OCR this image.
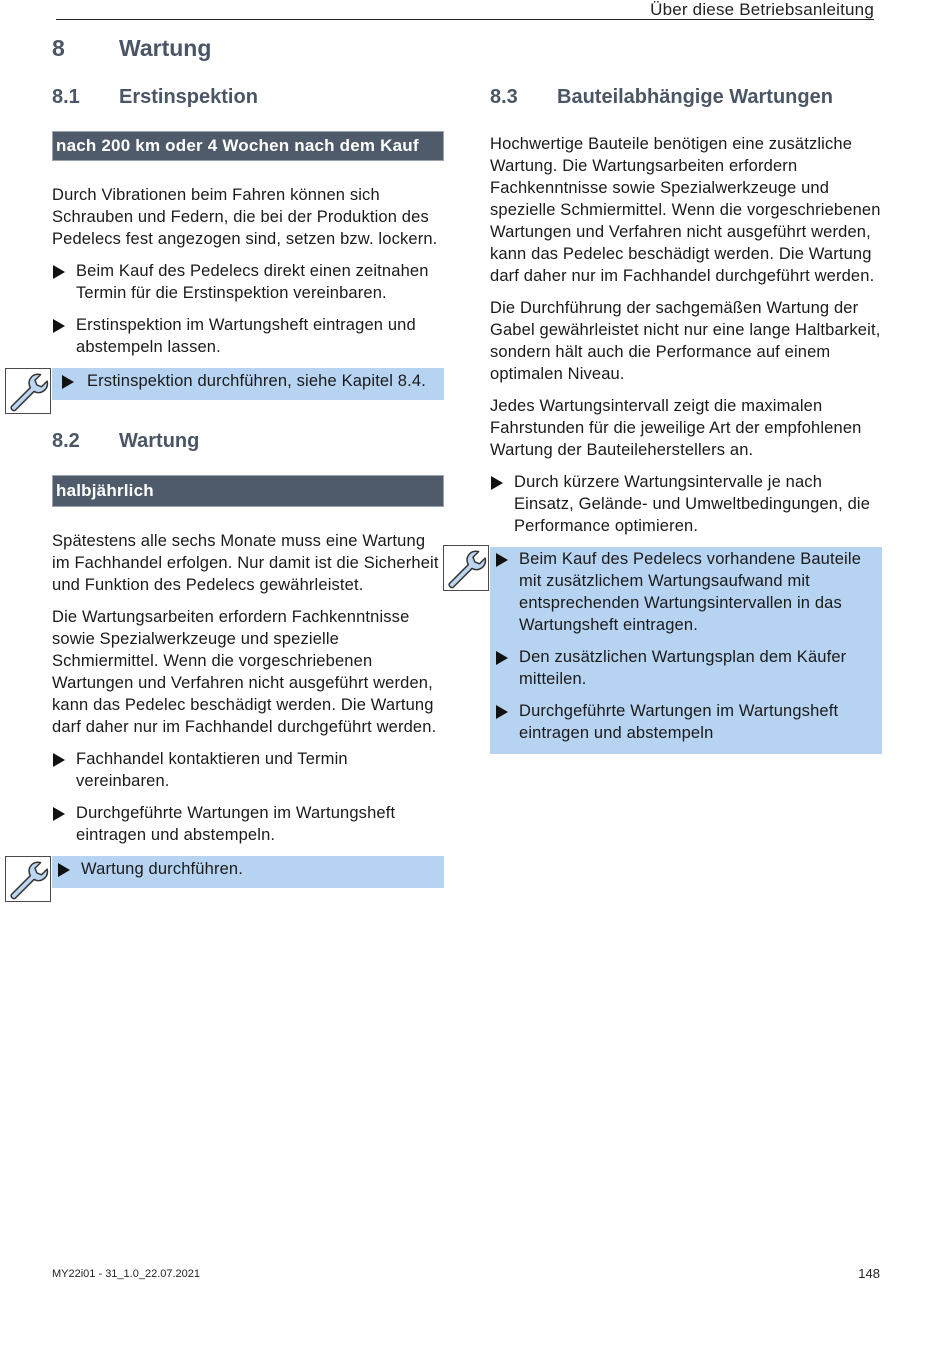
Über diese Betriebsanleitung
8 Wartung
8.1 Erstinspektion
nach 200 km oder 4 Wochen nach dem Kauf

Durch Vibrationen beim Fahren können sich Schrauben und Federn, die bei der Produktion des Pedelecs fest angezogen sind, setzen bzw. lockern.

Beim Kauf des Pedelecs direkt einen zeitnahen Termin für die Erstinspektion vereinbaren.
Erstinspektion im Wartungsheft eintragen und abstempeln lassen.
Erstinspektion durchführen, siehe Kapitel 8.4.
8.2 Wartung
halbjährlich

Spätestens alle sechs Monate muss eine Wartung im Fachhandel erfolgen. Nur damit ist die Sicherheit und Funktion des Pedelecs gewährleistet.

Die Wartungsarbeiten erfordern Fachkenntnisse sowie Spezialwerkzeuge und spezielle Schmiermittel. Wenn die vorgeschriebenen Wartungen und Verfahren nicht ausgeführt werden, kann das Pedelec beschädigt werden. Die Wartung darf daher nur im Fachhandel durchgeführt werden.

Fachhandel kontaktieren und Termin vereinbaren.
Durchgeführte Wartungen im Wartungsheft eintragen und abstempeln.
Wartung durchführen.
8.3 Bauteilabhängige Wartungen

Hochwertige Bauteile benötigen eine zusätzliche Wartung. Die Wartungsarbeiten erfordern Fachkenntnisse sowie Spezialwerkzeuge und spezielle Schmiermittel. Wenn die vorgeschriebenen Wartungen und Verfahren nicht ausgeführt werden, kann das Pedelec beschädigt werden. Die Wartung darf daher nur im Fachhandel durchgeführt werden.

Die Durchführung der sachgemäßen Wartung der Gabel gewährleistet nicht nur eine lange Haltbarkeit, sondern hält auch die Performance auf einem optimalen Niveau.

Jedes Wartungsintervall zeigt die maximalen Fahrstunden für die jeweilige Art der empfohlenen Wartung der Bauteileherstellers an.

Durch kürzere Wartungsintervalle je nach Einsatz, Gelände- und Umweltbedingungen, die Performance optimieren.
Beim Kauf des Pedelecs vorhandene Bauteile mit zusätzlichem Wartungsaufwand mit entsprechenden Wartungsintervallen in das Wartungsheft eintragen.
Den zusätzlichen Wartungsplan dem Käufer mitteilen.
Durchgeführte Wartungen im Wartungsheft eintragen und abstempeln
MY22i01 - 31_1.0_22.07.2021	148
